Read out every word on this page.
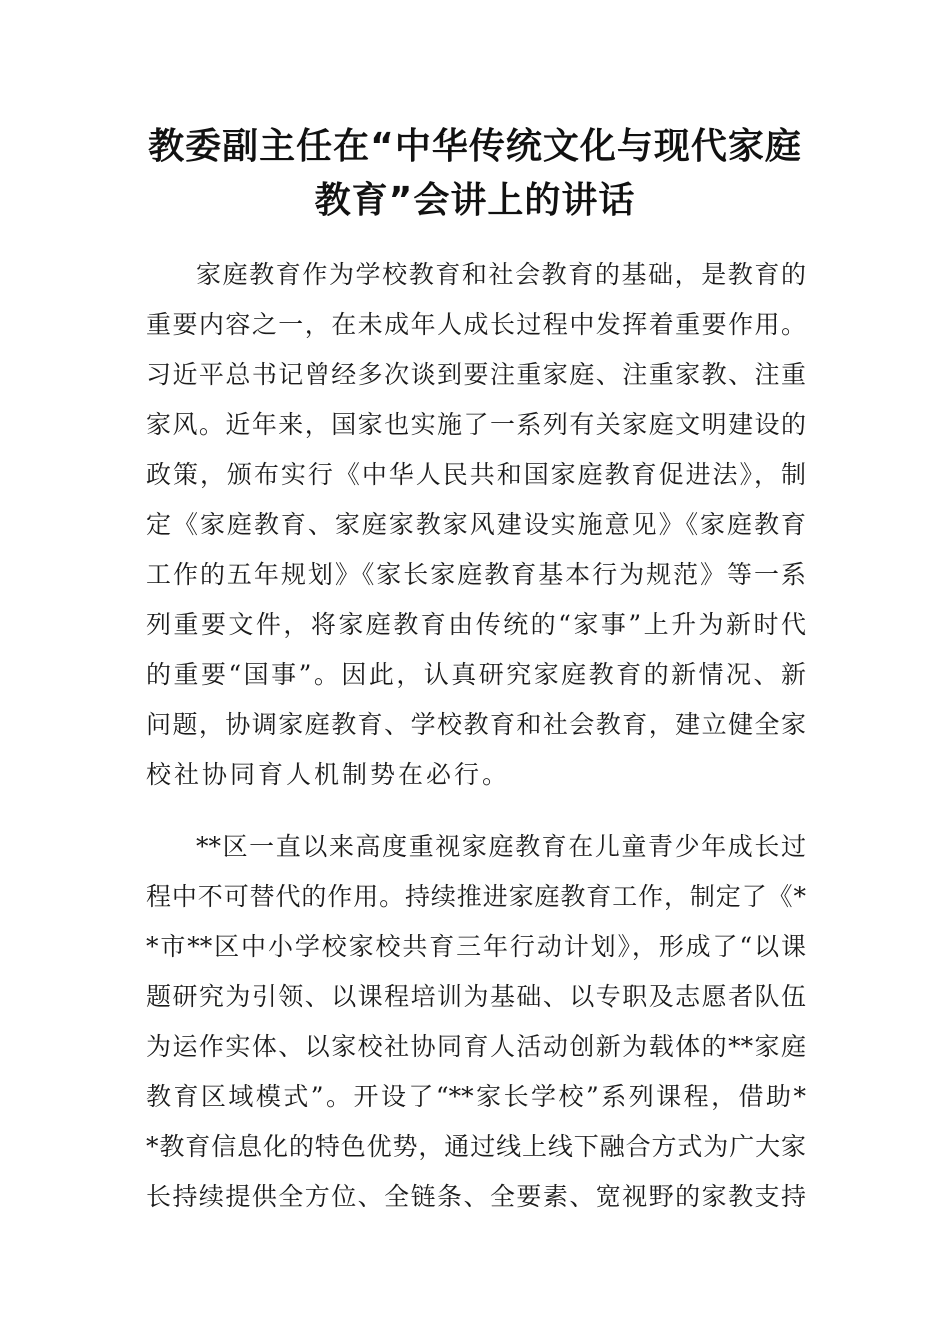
教委副主任在“中华传统文化与现代家庭
教育”会讲上的讲话
家庭教育作为学校教育和社会教育的基础，是教育的
重要内容之一，在未成年人成长过程中发挥着重要作用。
习近平总书记曾经多次谈到要注重家庭、注重家教、注重
家风。近年来，国家也实施了一系列有关家庭文明建设的
政策，颁布实行《中华人民共和国家庭教育促进法》，制
定《家庭教育、家庭家教家风建设实施意见》《家庭教育
工作的五年规划》《家长家庭教育基本行为规范》等一系
列重要文件，将家庭教育由传统的“家事”上升为新时代
的重要“国事”。因此，认真研究家庭教育的新情况、新
问题，协调家庭教育、学校教育和社会教育，建立健全家
校社协同育人机制势在必行。
**区一直以来高度重视家庭教育在儿童青少年成长过
程中不可替代的作用。持续推进家庭教育工作，制定了《*
*市**区中小学校家校共育三年行动计划》，形成了“以课
题研究为引领、以课程培训为基础、以专职及志愿者队伍
为运作实体、以家校社协同育人活动创新为载体的**家庭
教育区域模式”。开设了“**家长学校”系列课程，借助*
*教育信息化的特色优势，通过线上线下融合方式为广大家
长持续提供全方位、全链条、全要素、宽视野的家教支持
